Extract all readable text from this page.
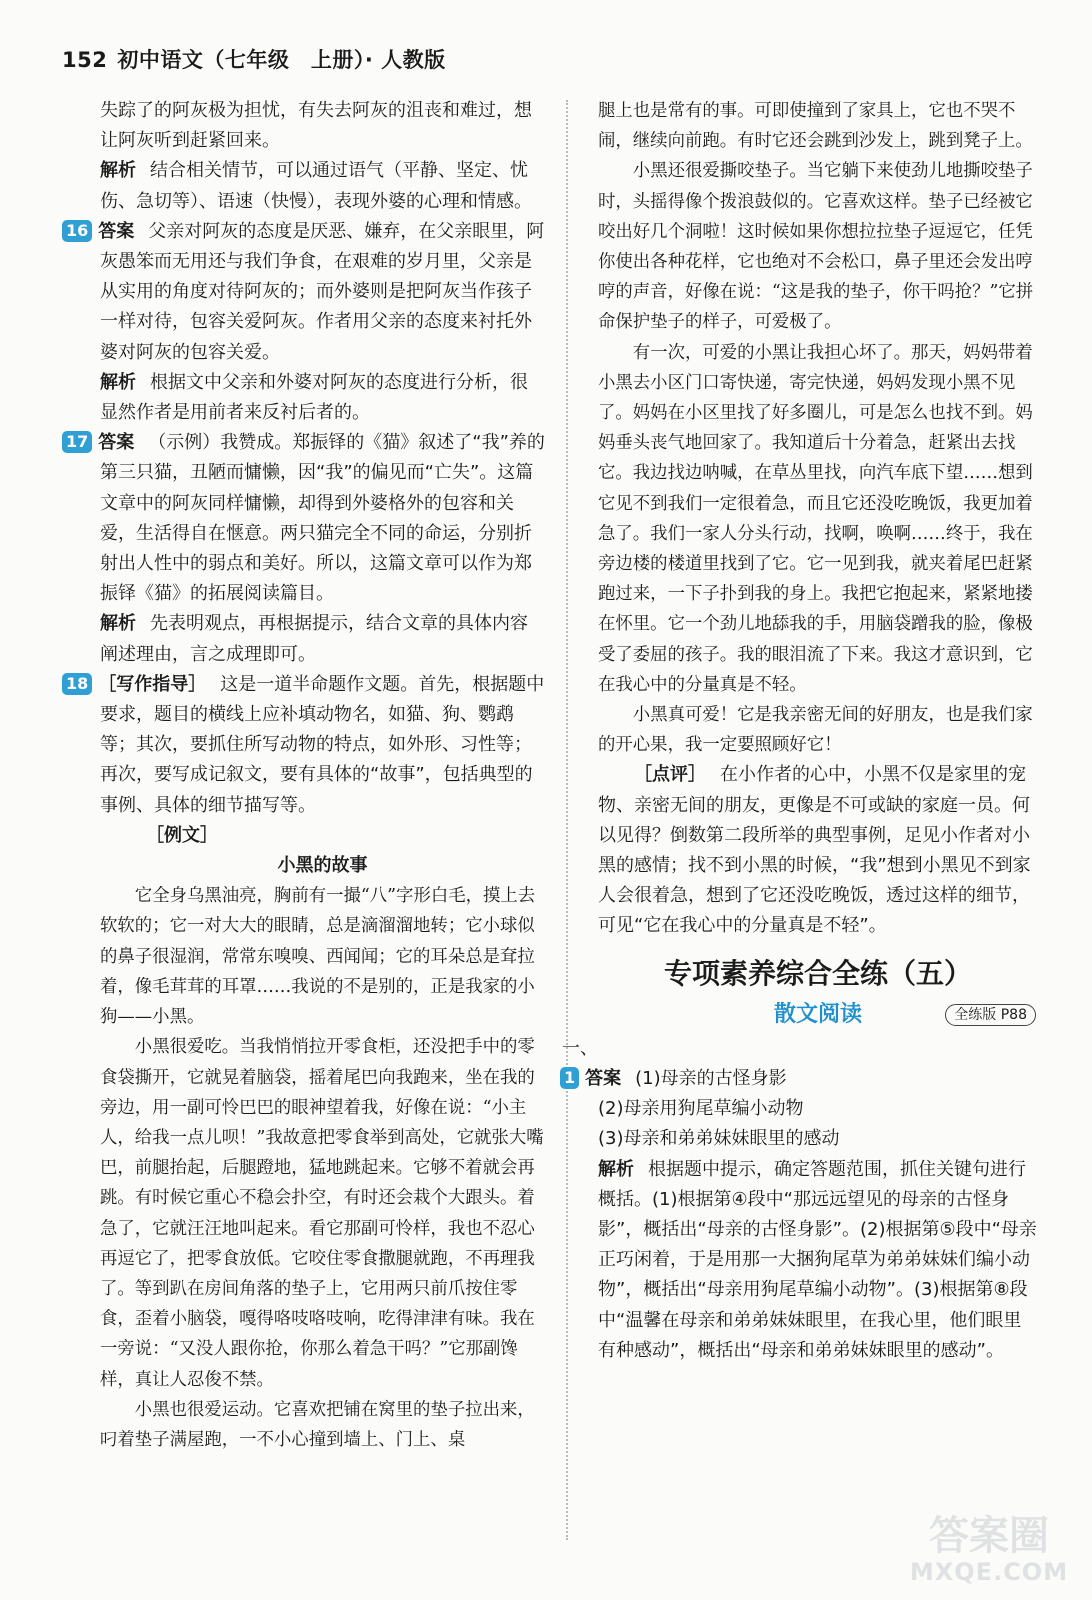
152 初中语文（七年级　上册）· 人教版

失踪了的阿灰极为担忧，有失去阿灰的沮丧和难过，想让阿灰听到赶紧回来。

解析 结合相关情节，可以通过语气（平静、坚定、忧伤、急切等）、语速（快慢），表现外婆的心理和情感。

16 答案 父亲对阿灰的态度是厌恶、嫌弃，在父亲眼里，阿灰愚笨而无用还与我们争食，在艰难的岁月里，父亲是从实用的角度对待阿灰的；而外婆则是把阿灰当作孩子一样对待，包容关爱阿灰。作者用父亲的态度来衬托外婆对阿灰的包容关爱。

解析 根据文中父亲和外婆对阿灰的态度进行分析，很显然作者是用前者来反衬后者的。

17 答案 （示例）我赞成。郑振铎的《猫》叙述了“我”养的第三只猫，丑陋而慵懒，因“我”的偏见而“亡失”。这篇文章中的阿灰同样慵懒，却得到外婆格外的包容和关爱，生活得自在惬意。两只猫完全不同的命运，分别折射出人性中的弱点和美好。所以，这篇文章可以作为郑振铎《猫》的拓展阅读篇目。

解析 先表明观点，再根据提示，结合文章的具体内容阐述理由，言之成理即可。

18 ［写作指导］ 这是一道半命题作文题。首先，根据题中要求，题目的横线上应补填动物名，如猫、狗、鹦鹉等；其次，要抓住所写动物的特点，如外形、习性等；再次，要写成记叙文，要有具体的“故事”，包括典型的事例、具体的细节描写等。

［例文］

小黑的故事

它全身乌黑油亮，胸前有一撮“八”字形白毛，摸上去软软的；它一对大大的眼睛，总是滴溜溜地转；它小球似的鼻子很湿润，常常东嗅嗅、西闻闻；它的耳朵总是耷拉着，像毛茸茸的耳罩……我说的不是别的，正是我家的小狗——小黑。

小黑很爱吃。当我悄悄拉开零食柜，还没把手中的零食袋撕开，它就晃着脑袋，摇着尾巴向我跑来，坐在我的旁边，用一副可怜巴巴的眼神望着我，好像在说：“小主人，给我一点儿呗！”我故意把零食举到高处，它就张大嘴巴，前腿抬起，后腿蹬地，猛地跳起来。它够不着就会再跳。有时候它重心不稳会扑空，有时还会栽个大跟头。着急了，它就汪汪地叫起来。看它那副可怜样，我也不忍心再逗它了，把零食放低。它咬住零食撒腿就跑，不再理我了。等到趴在房间角落的垫子上，它用两只前爪按住零食，歪着小脑袋，嘎得咯吱咯吱响，吃得津津有味。我在一旁说：“又没人跟你抢，你那么着急干吗？”它那副馋样，真让人忍俊不禁。

小黑也很爱运动。它喜欢把铺在窝里的垫子拉出来，叼着垫子满屋跑，一不小心撞到墙上、门上、桌

腿上也是常有的事。可即使撞到了家具上，它也不哭不闹，继续向前跑。有时它还会跳到沙发上，跳到凳子上。

小黑还很爱撕咬垫子。当它躺下来使劲儿地撕咬垫子时，头摇得像个拨浪鼓似的。它喜欢这样。垫子已经被它咬出好几个洞啦！这时候如果你想拉拉垫子逗逗它，任凭你使出各种花样，它也绝对不会松口，鼻子里还会发出哼哼的声音，好像在说：“这是我的垫子，你干吗抢？”它拼命保护垫子的样子，可爱极了。

有一次，可爱的小黑让我担心坏了。那天，妈妈带着小黑去小区门口寄快递，寄完快递，妈妈发现小黑不见了。妈妈在小区里找了好多圈儿，可是怎么也找不到。妈妈垂头丧气地回家了。我知道后十分着急，赶紧出去找它。我边找边呐喊，在草丛里找，向汽车底下望……想到它见不到我们一定很着急，而且它还没吃晚饭，我更加着急了。我们一家人分头行动，找啊，唤啊……终于，我在旁边楼的楼道里找到了它。它一见到我，就夹着尾巴赶紧跑过来，一下子扑到我的身上。我把它抱起来，紧紧地搂在怀里。它一个劲儿地舔我的手，用脑袋蹭我的脸，像极受了委屈的孩子。我的眼泪流了下来。我这才意识到，它在我心中的分量真是不轻。

小黑真可爱！它是我亲密无间的好朋友，也是我们家的开心果，我一定要照顾好它！

［点评］ 在小作者的心中，小黑不仅是家里的宠物、亲密无间的朋友，更像是不可或缺的家庭一员。何以见得？倒数第二段所举的典型事例，足见小作者对小黑的感情；找不到小黑的时候，“我”想到小黑见不到家人会很着急，想到了它还没吃晚饭，透过这样的细节，可见“它在我心中的分量真是不轻”。

专项素养综合全练（五）

散文阅读	全练版 P88

一、

1 答案 (1)母亲的古怪身影

(2)母亲用狗尾草编小动物

(3)母亲和弟弟妹妹眼里的感动

解析 根据题中提示，确定答题范围，抓住关键句进行概括。(1)根据第④段中“那远远望见的母亲的古怪身影”，概括出“母亲的古怪身影”。(2)根据第⑤段中“母亲正巧闲着，于是用那一大捆狗尾草为弟弟妹妹们编小动物”，概括出“母亲用狗尾草编小动物”。(3)根据第⑧段中“温馨在母亲和弟弟妹妹眼里，在我心里，他们眼里有种感动”，概括出“母亲和弟弟妹妹眼里的感动”。

答案圈
MXQE.COM
